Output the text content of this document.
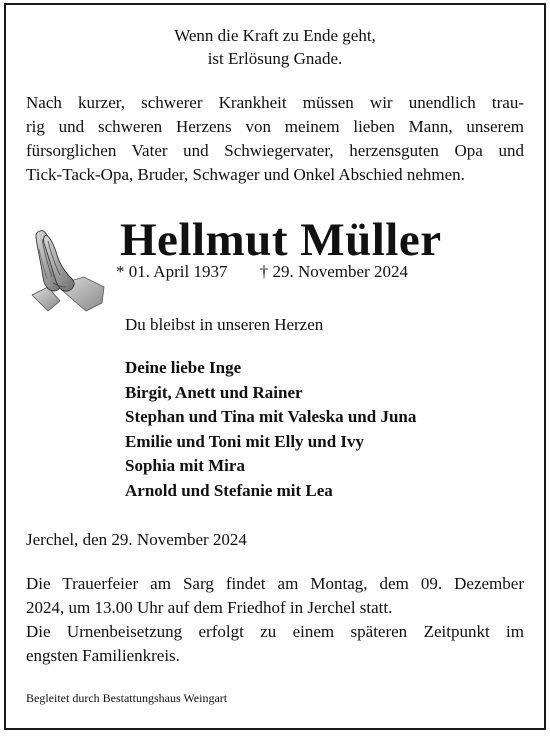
Wenn die Kraft zu Ende geht,
ist Erlösung Gnade.
Nach kurzer, schwerer Krankheit müssen wir unendlich trau-
rig und schweren Herzens von meinem lieben Mann, unserem
fürsorglichen Vater und Schwiegervater, herzensguten Opa und
Tick-Tack-Opa, Bruder, Schwager und Onkel Abschied nehmen.
Hellmut Müller
* 01. April 1937 † 29. November 2024
Du bleibst in unseren Herzen
Deine liebe Inge
Birgit, Anett und Rainer
Stephan und Tina mit Valeska und Juna
Emilie und Toni mit Elly und Ivy
Sophia mit Mira
Arnold und Stefanie mit Lea
Jerchel, den 29. November 2024
Die Trauerfeier am Sarg findet am Montag, dem 09. Dezember
2024, um 13.00 Uhr auf dem Friedhof in Jerchel statt.
Die Urnenbeisetzung erfolgt zu einem späteren Zeitpunkt im
engsten Familienkreis.
Begleitet durch Bestattungshaus Weingart
